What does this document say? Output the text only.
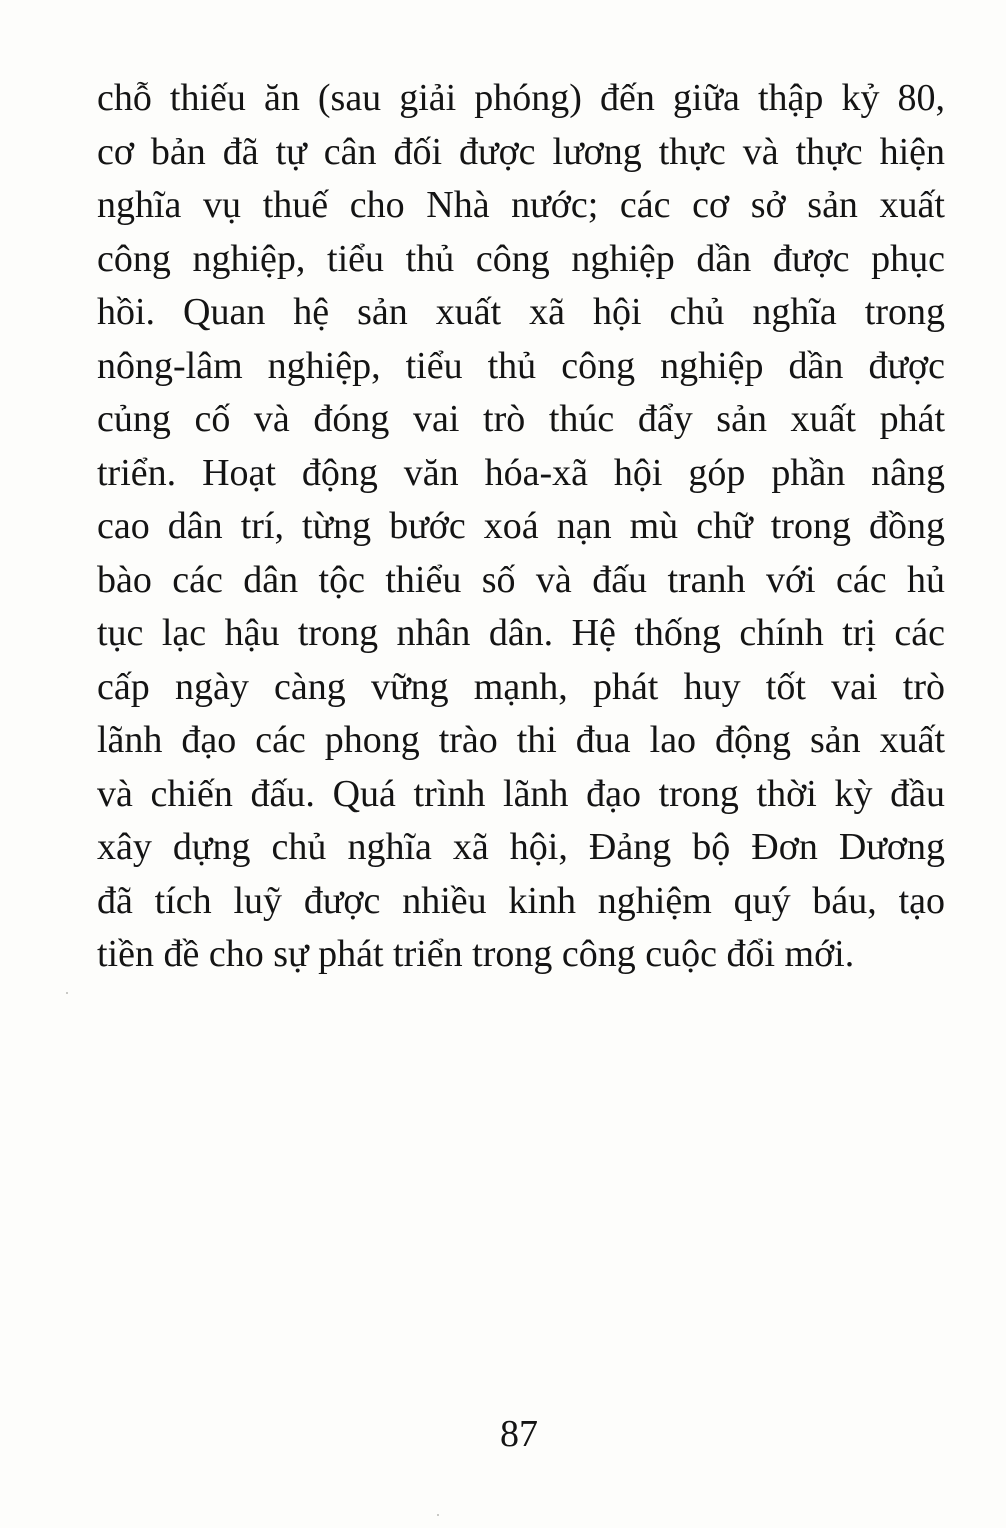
chỗ thiếu ăn (sau giải phóng) đến giữa thập kỷ 80,
cơ bản đã tự cân đối được lương thực và thực hiện
nghĩa vụ thuế cho Nhà nước; các cơ sở sản xuất
công nghiệp, tiểu thủ công nghiệp dần được phục
hồi. Quan hệ sản xuất xã hội chủ nghĩa trong
nông-lâm nghiệp, tiểu thủ công nghiệp dần được
củng cố và đóng vai trò thúc đẩy sản xuất phát
triển. Hoạt động văn hóa-xã hội góp phần nâng
cao dân trí, từng bước xoá nạn mù chữ trong đồng
bào các dân tộc thiểu số và đấu tranh với các hủ
tục lạc hậu trong nhân dân. Hệ thống chính trị các
cấp ngày càng vững mạnh, phát huy tốt vai trò
lãnh đạo các phong trào thi đua lao động sản xuất
và chiến đấu. Quá trình lãnh đạo trong thời kỳ đầu
xây dựng chủ nghĩa xã hội, Đảng bộ Đơn Dương
đã tích luỹ được nhiều kinh nghiệm quý báu, tạo
tiền đề cho sự phát triển trong công cuộc đổi mới.
87
